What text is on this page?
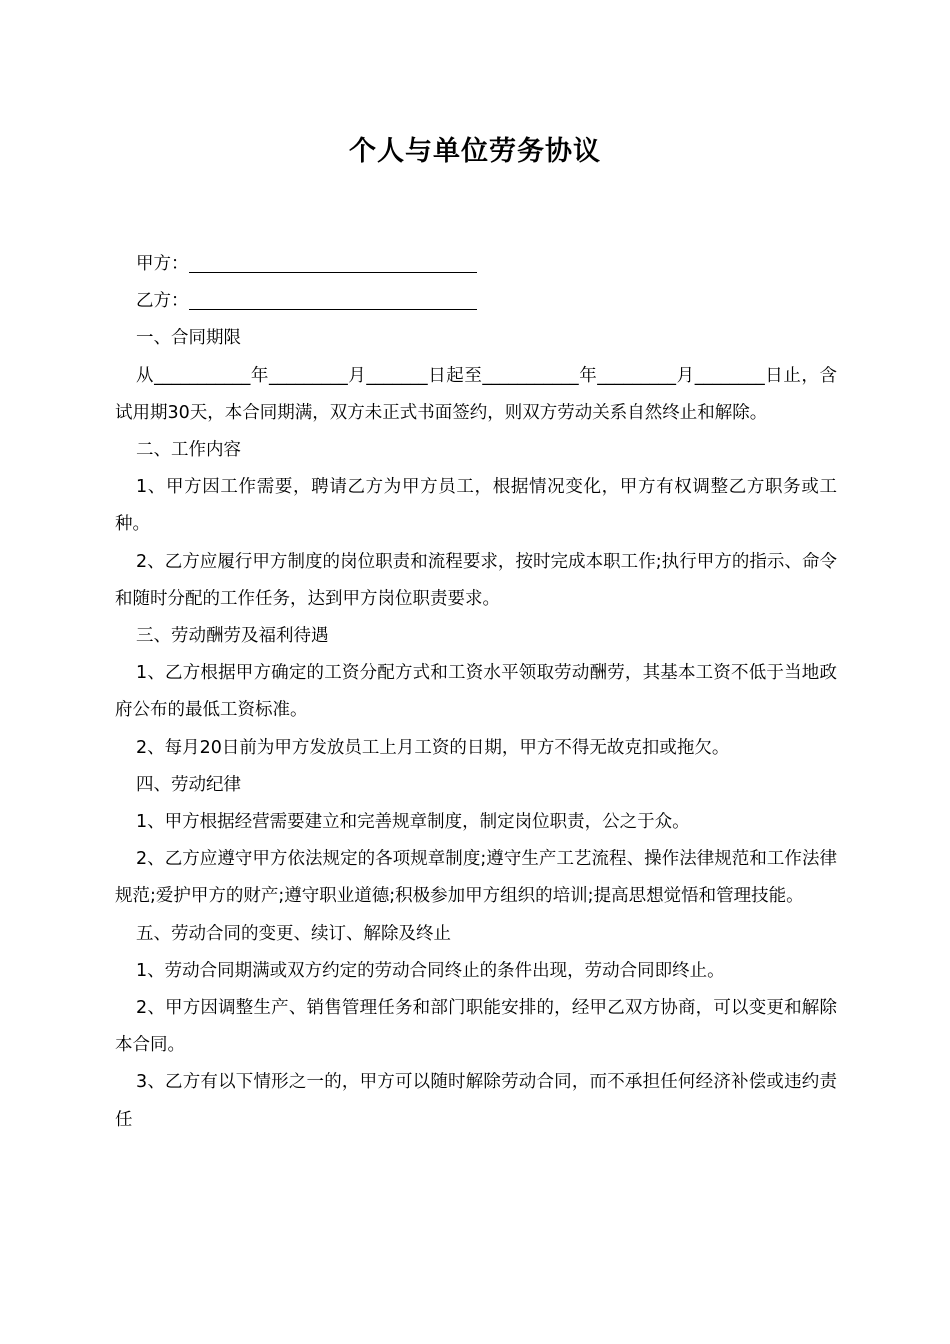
个人与单位劳务协议
甲方：
乙方：

一、合同期限

从___________年_________月_______日起至___________年_________月________日止，含试用期30天，本合同期满，双方未正式书面签约，则双方劳动关系自然终止和解除。

二、工作内容

1、甲方因工作需要，聘请乙方为甲方员工，根据情况变化，甲方有权调整乙方职务或工种。

2、乙方应履行甲方制度的岗位职责和流程要求，按时完成本职工作;执行甲方的指示、命令和随时分配的工作任务，达到甲方岗位职责要求。

三、劳动酬劳及福利待遇

1、乙方根据甲方确定的工资分配方式和工资水平领取劳动酬劳，其基本工资不低于当地政府公布的最低工资标准。

2、每月20日前为甲方发放员工上月工资的日期，甲方不得无故克扣或拖欠。

四、劳动纪律

1、甲方根据经营需要建立和完善规章制度，制定岗位职责，公之于众。

2、乙方应遵守甲方依法规定的各项规章制度;遵守生产工艺流程、操作法律规范和工作法律规范;爱护甲方的财产;遵守职业道德;积极参加甲方组织的培训;提高思想觉悟和管理技能。

五、劳动合同的变更、续订、解除及终止

1、劳动合同期满或双方约定的劳动合同终止的条件出现，劳动合同即终止。

2、甲方因调整生产、销售管理任务和部门职能安排的，经甲乙双方协商，可以变更和解除本合同。

3、乙方有以下情形之一的，甲方可以随时解除劳动合同，而不承担任何经济补偿或违约责任
